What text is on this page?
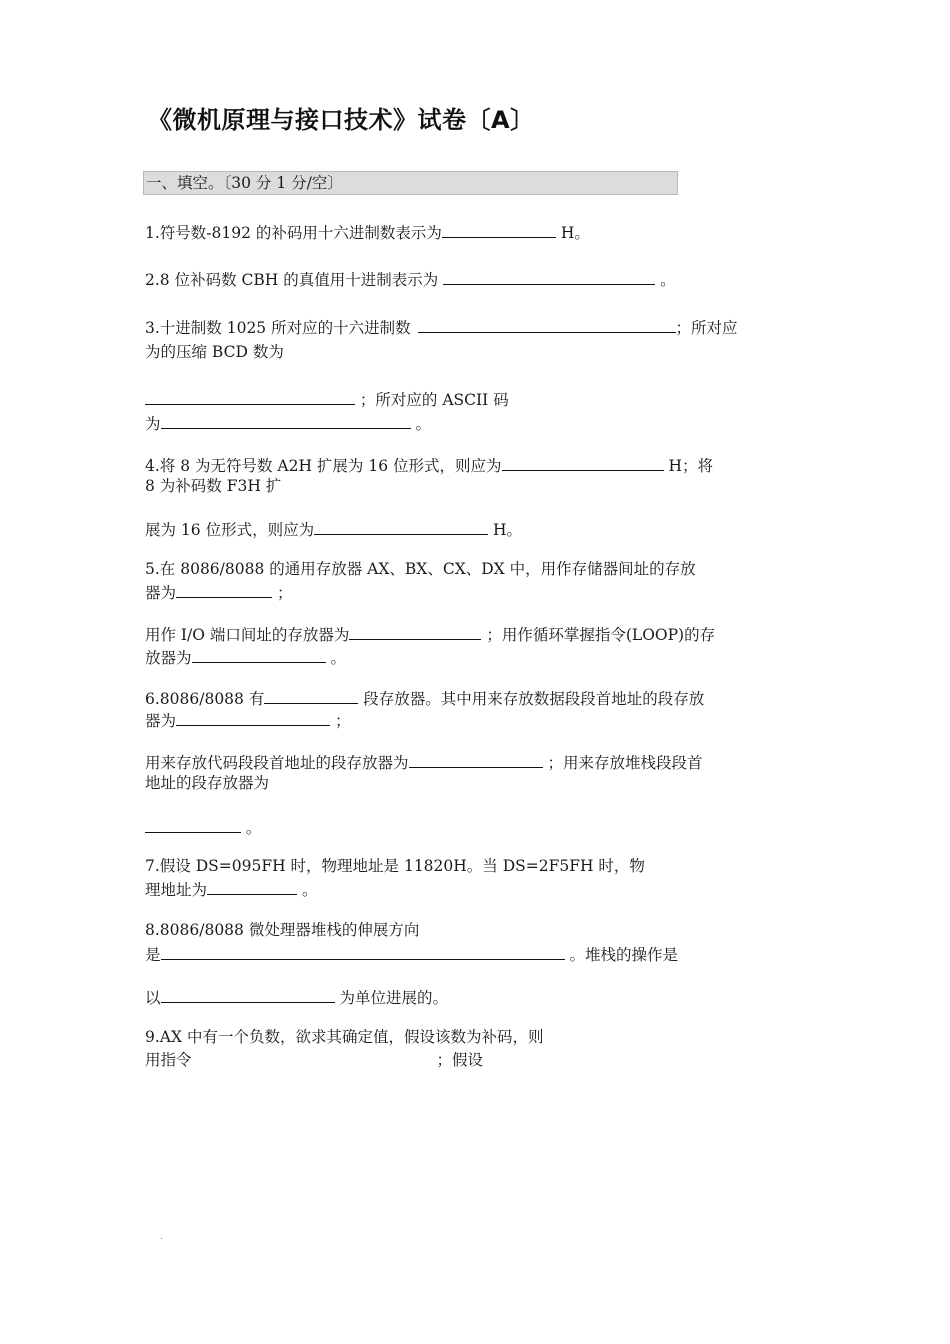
《微机原理与接口技术》试卷〔A〕
一、填空。〔30 分 1 分/空〕
1.符号数-8192 的补码用十六进制数表示为	H。
2.8 位补码数 CBH 的真值用十进制表示为	。
3.十进制数 1025 所对应的十六进制数	；所对应
为的压缩 BCD 数为
；所对应的 ASCII 码
为	。
4.将 8 为无符号数 A2H 扩展为 16 位形式，则应为	H；将
8 为补码数 F3H 扩
展为 16 位形式，则应为	H。
5.在 8086/8088 的通用存放器 AX、BX、CX、DX 中，用作存储器间址的存放
器为	；
用作 I/O 端口间址的存放器为	；用作循环掌握指令(LOOP)的存
放器为	。
6.8086/8088 有	段存放器。其中用来存放数据段段首地址的段存放
器为	；
用来存放代码段段首地址的段存放器为	；用来存放堆栈段段首
地址的段存放器为
。
7.假设 DS=095FH 时，物理地址是 11820H。当 DS=2F5FH 时，物
理地址为	。
8.8086/8088 微处理器堆栈的伸展方向
是	。堆栈的操作是
以	为单位进展的。
9.AX 中有一个负数，欲求其确定值，假设该数为补码，则
用指令	；假设
.
